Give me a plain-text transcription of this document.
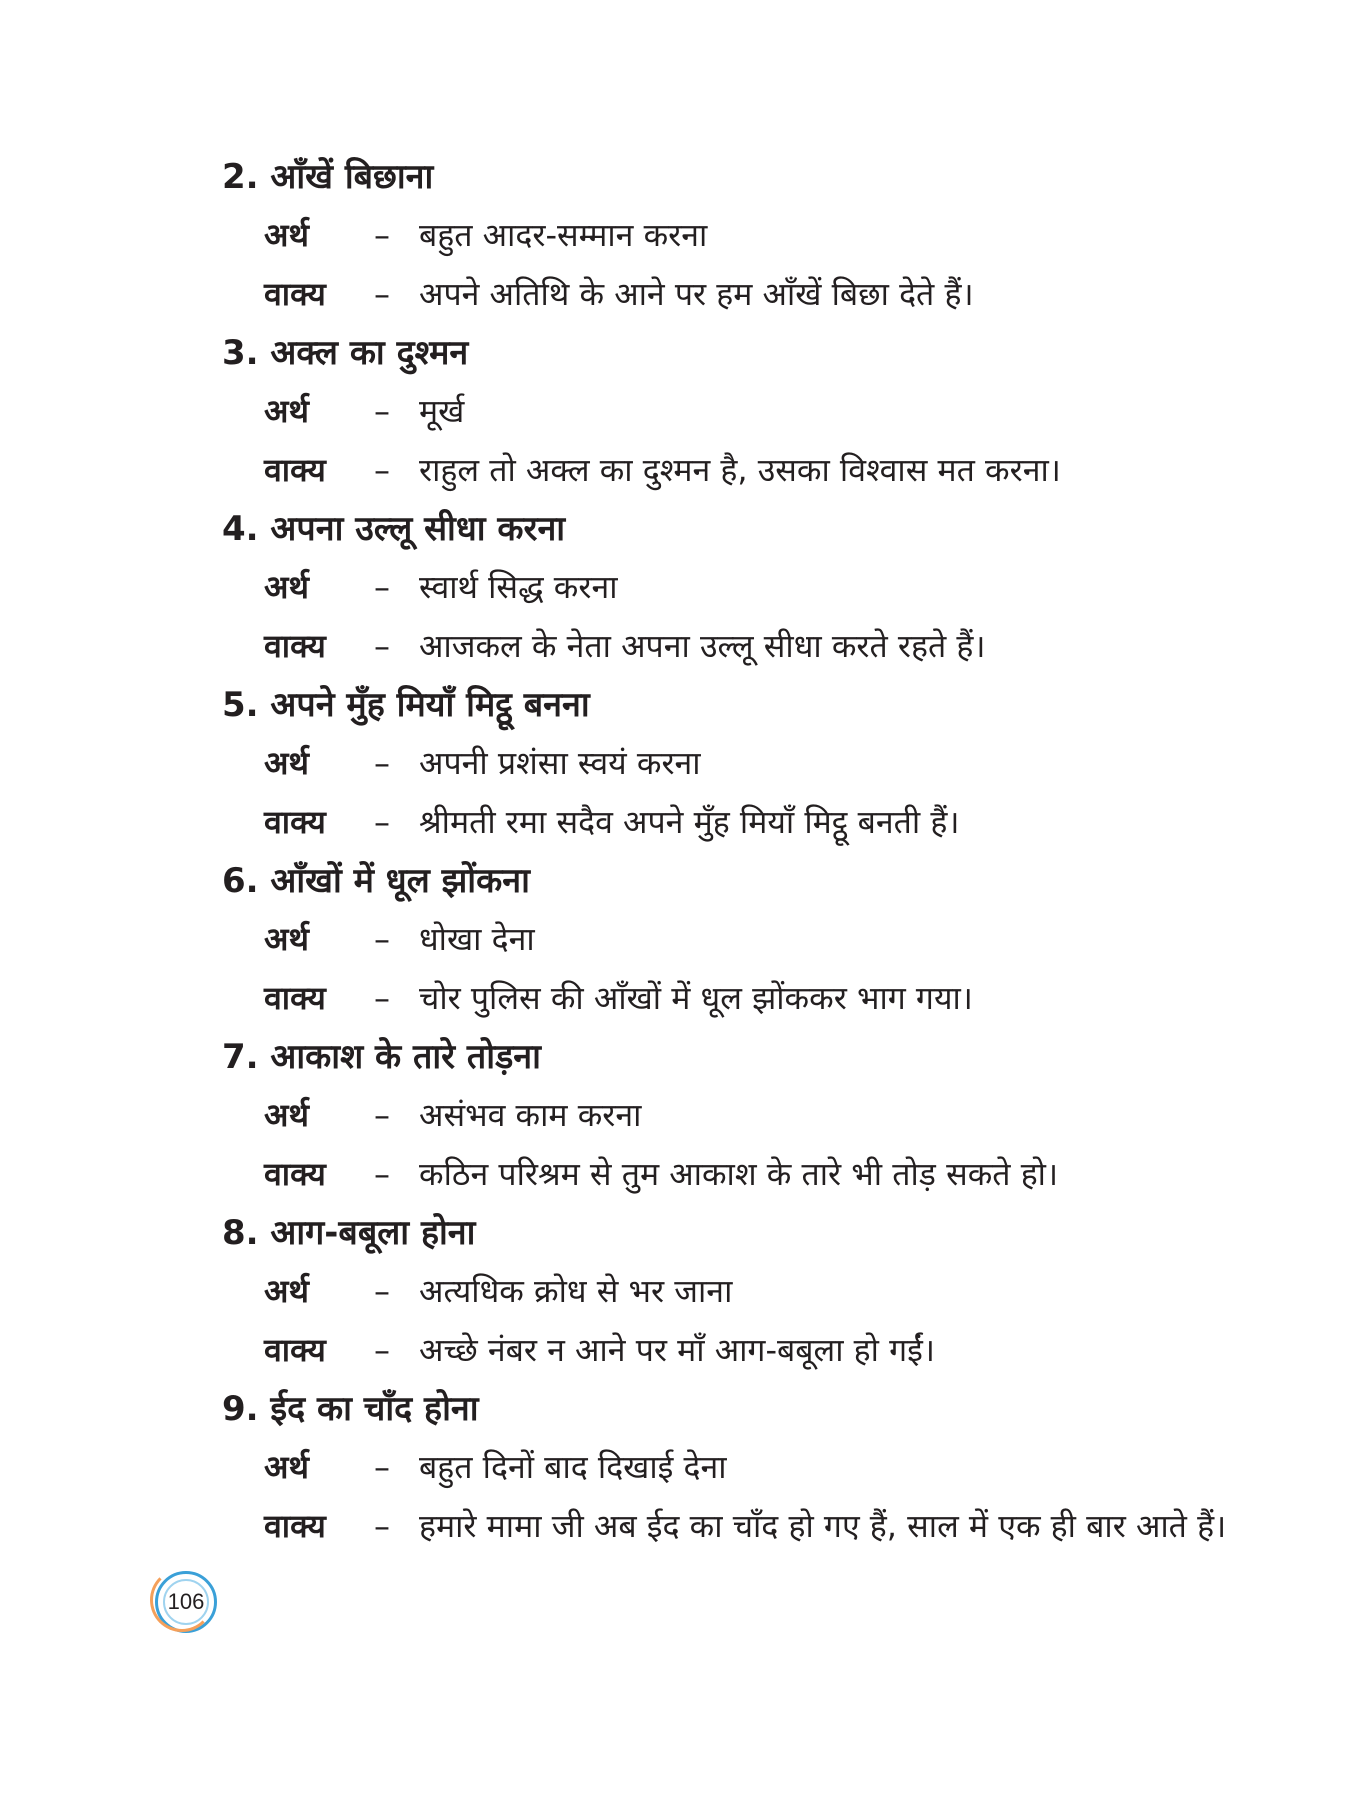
2. आँखें बिछाना
अर्थ – बहुत आदर-सम्मान करना
वाक्य – अपने अतिथि के आने पर हम आँखें बिछा देते हैं।
3. अक्ल का दुश्मन
अर्थ – मूर्ख
वाक्य – राहुल तो अक्ल का दुश्मन है, उसका विश्वास मत करना।
4. अपना उल्लू सीधा करना
अर्थ – स्वार्थ सिद्ध करना
वाक्य – आजकल के नेता अपना उल्लू सीधा करते रहते हैं।
5. अपने मुँह मियाँ मिट्ठू बनना
अर्थ – अपनी प्रशंसा स्वयं करना
वाक्य – श्रीमती रमा सदैव अपने मुँह मियाँ मिट्ठू बनती हैं।
6. आँखों में धूल झोंकना
अर्थ – धोखा देना
वाक्य – चोर पुलिस की आँखों में धूल झोंककर भाग गया।
7. आकाश के तारे तोड़ना
अर्थ – असंभव काम करना
वाक्य – कठिन परिश्रम से तुम आकाश के तारे भी तोड़ सकते हो।
8. आग-बबूला होना
अर्थ – अत्यधिक क्रोध से भर जाना
वाक्य – अच्छे नंबर न आने पर माँ आग-बबूला हो गईं।
9. ईद का चाँद होना
अर्थ – बहुत दिनों बाद दिखाई देना
वाक्य – हमारे मामा जी अब ईद का चाँद हो गए हैं, साल में एक ही बार आते हैं।
106
